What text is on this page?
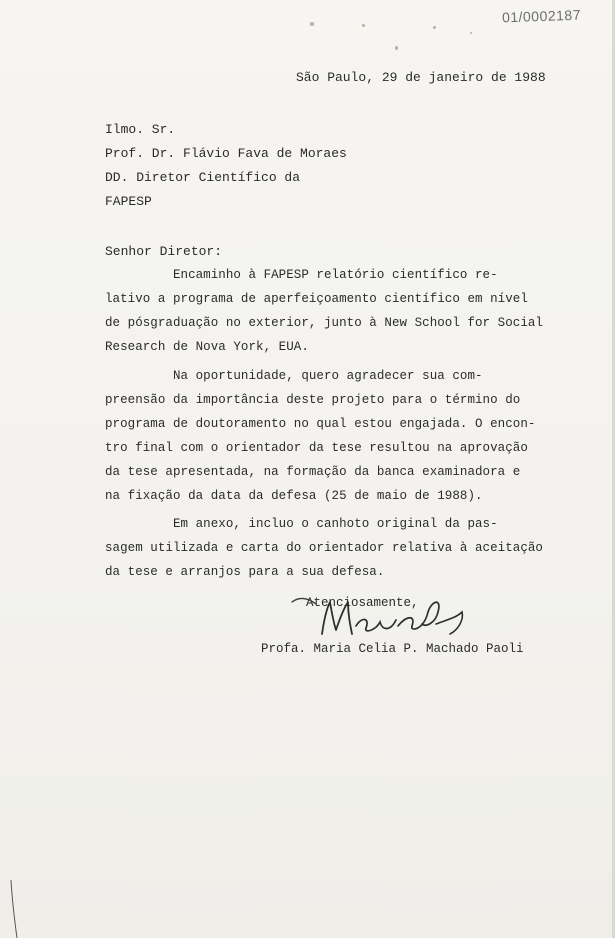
01/0002187
São Paulo, 29 de janeiro de 1988
Ilmo. Sr.
Prof. Dr. Flávio Fava de Moraes
DD. Diretor Científico da
FAPESP
Senhor Diretor:
Encaminho à FAPESP relatório científico re-
lativo a programa de aperfeiçoamento científico em nível
de pósgraduação no exterior, junto à New School for Social
Research de Nova York, EUA.
Na oportunidade, quero agradecer sua com-
preensão da importância deste projeto para o término do
programa de doutoramento no qual estou engajada. O encon-
tro final com o orientador da tese resultou na aprovação
da tese apresentada, na formação da banca examinadora e
na fixação da data da defesa (25 de maio de 1988).
Em anexo, incluo o canhoto original da pas-
sagem utilizada e carta do orientador relativa à aceitação
da tese e arranjos para a sua defesa.
Atenciosamente,
Profa. Maria Celia P. Machado Paoli
